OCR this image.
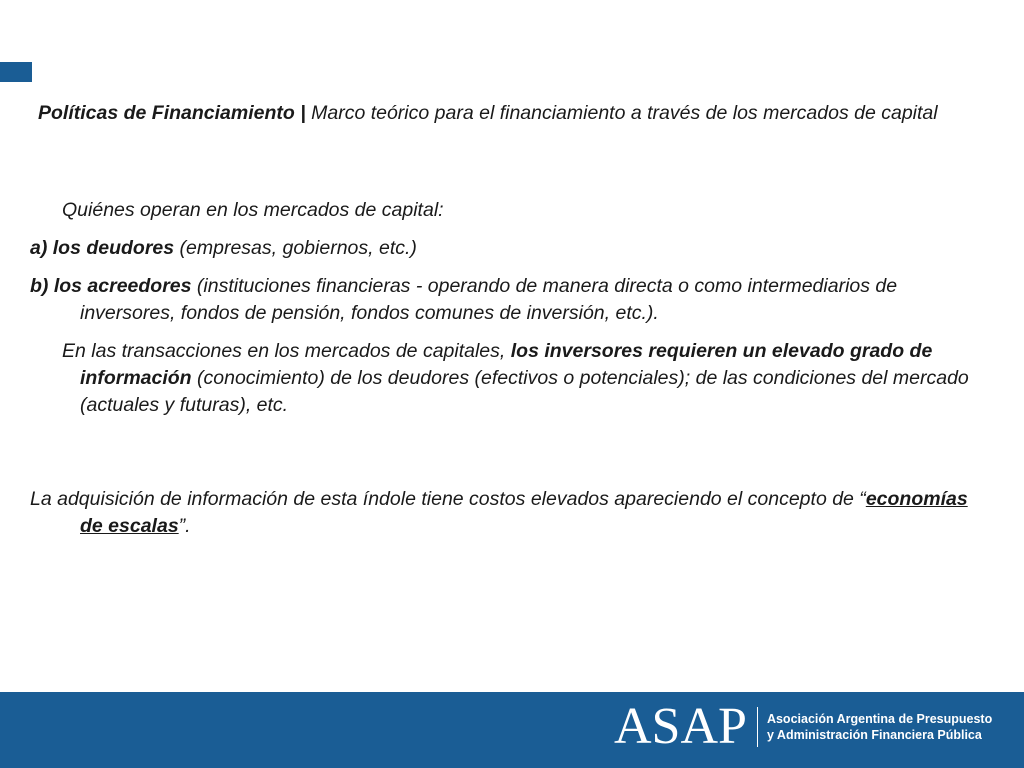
Políticas de Financiamiento | Marco teórico para el financiamiento a través de los mercados de capital

Quiénes operan en los mercados de capital:

a) los deudores (empresas, gobiernos, etc.)

b) los acreedores (instituciones financieras - operando de manera directa o como intermediarios de inversores, fondos de pensión, fondos comunes de inversión, etc.).

En las transacciones en los mercados de capitales, los inversores requieren un elevado grado de información (conocimiento) de los deudores (efectivos o potenciales); de las condiciones del mercado (actuales y futuras), etc.

La adquisición de información de esta índole tiene costos elevados apareciendo el concepto de “economías de escalas”.

ASAP Asociación Argentina de Presupuesto
y Administración Financiera Pública
